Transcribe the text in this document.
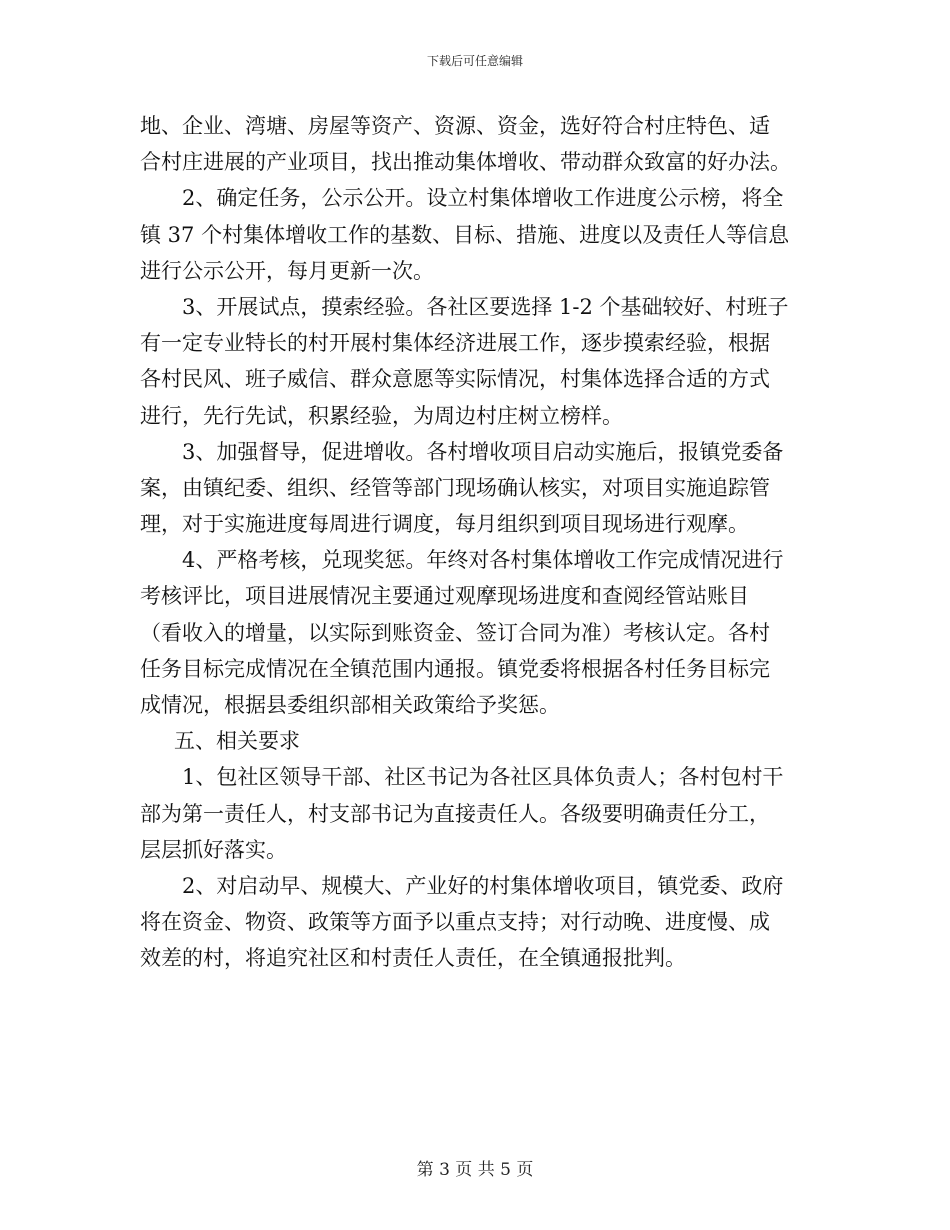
下载后可任意编辑
地、企业、湾塘、房屋等资产、资源、资金，选好符合村庄特色、适
合村庄进展的产业项目，找出推动集体增收、带动群众致富的好办法。
2、确定任务，公示公开。设立村集体增收工作进度公示榜，将全
镇 37 个村集体增收工作的基数、目标、措施、进度以及责任人等信息
进行公示公开，每月更新一次。
3、开展试点，摸索经验。各社区要选择 1-2 个基础较好、村班子
有一定专业特长的村开展村集体经济进展工作，逐步摸索经验，根据
各村民风、班子威信、群众意愿等实际情况，村集体选择合适的方式
进行，先行先试，积累经验，为周边村庄树立榜样。
3、加强督导，促进增收。各村增收项目启动实施后，报镇党委备
案，由镇纪委、组织、经管等部门现场确认核实，对项目实施追踪管
理，对于实施进度每周进行调度，每月组织到项目现场进行观摩。
4、严格考核，兑现奖惩。年终对各村集体增收工作完成情况进行
考核评比，项目进展情况主要通过观摩现场进度和查阅经管站账目
（看收入的增量，以实际到账资金、签订合同为准）考核认定。各村
任务目标完成情况在全镇范围内通报。镇党委将根据各村任务目标完
成情况，根据县委组织部相关政策给予奖惩。
五、相关要求
1、包社区领导干部、社区书记为各社区具体负责人；各村包村干
部为第一责任人，村支部书记为直接责任人。各级要明确责任分工，
层层抓好落实。
2、对启动早、规模大、产业好的村集体增收项目，镇党委、政府
将在资金、物资、政策等方面予以重点支持；对行动晚、进度慢、成
效差的村，将追究社区和村责任人责任，在全镇通报批判。
第 3 页 共 5 页
